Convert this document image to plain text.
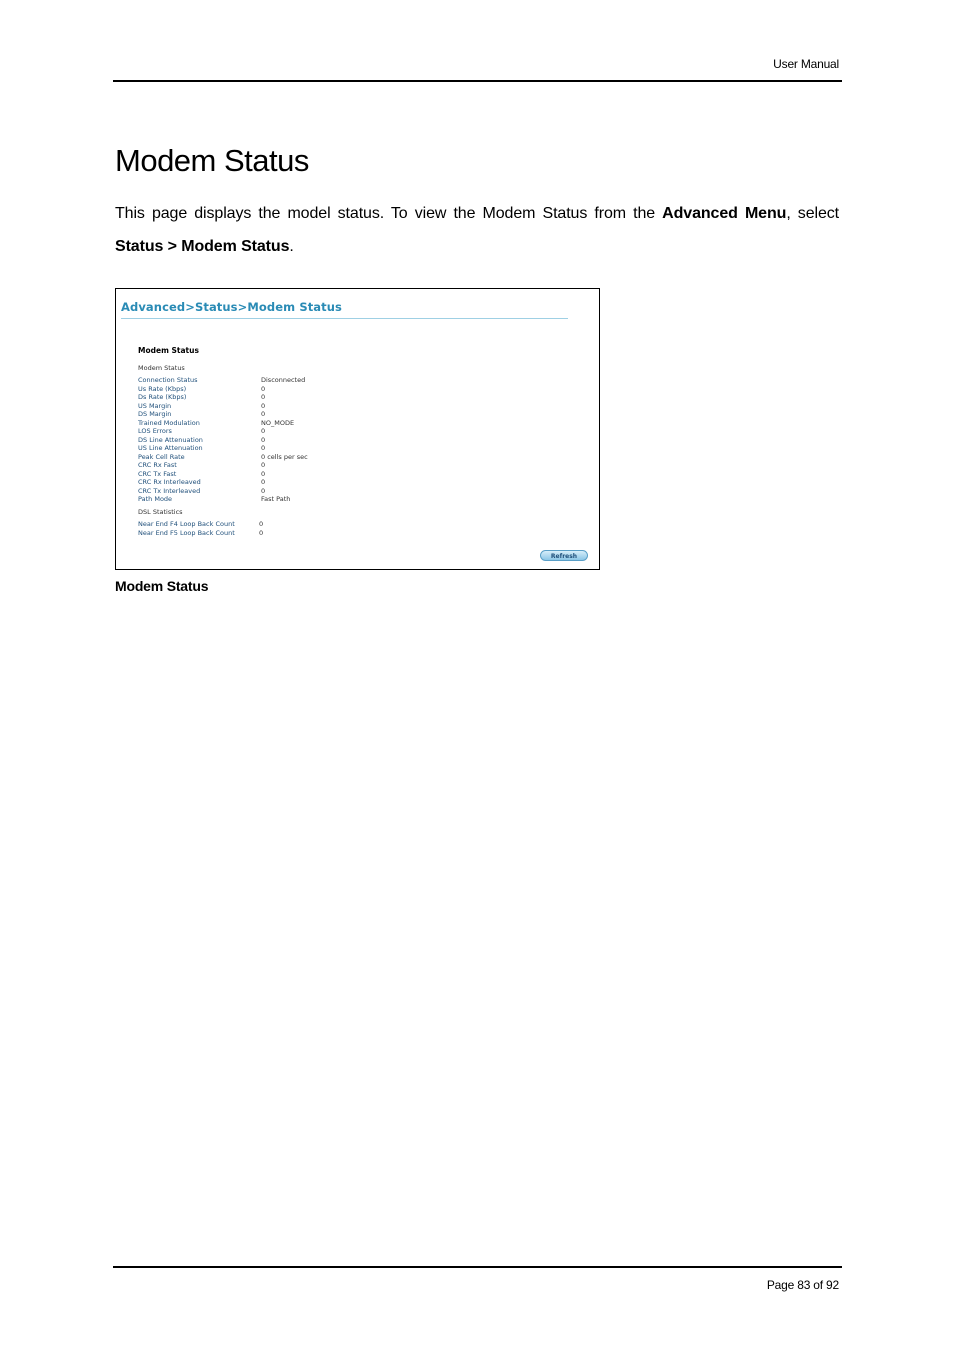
User Manual
Modem Status

This page displays the model status. To view the Modem Status from the Advanced Menu, select Status > Modem Status.

Advanced>Status>Modem Status
Modem Status
Modem Status
Connection Status	Disconnected
Us Rate (Kbps)	0
Ds Rate (Kbps)	0
US Margin	0
DS Margin	0
Trained Modulation	NO_MODE
LOS Errors	0
DS Line Attenuation	0
US Line Attenuation	0
Peak Cell Rate	0 cells per sec
CRC Rx Fast	0
CRC Tx Fast	0
CRC Rx Interleaved	0
CRC Tx Interleaved	0
Path Mode	Fast Path
DSL Statistics
Near End F4 Loop Back Count	0
Near End F5 Loop Back Count	0
Refresh
Modem Status
Page 83 of 92
